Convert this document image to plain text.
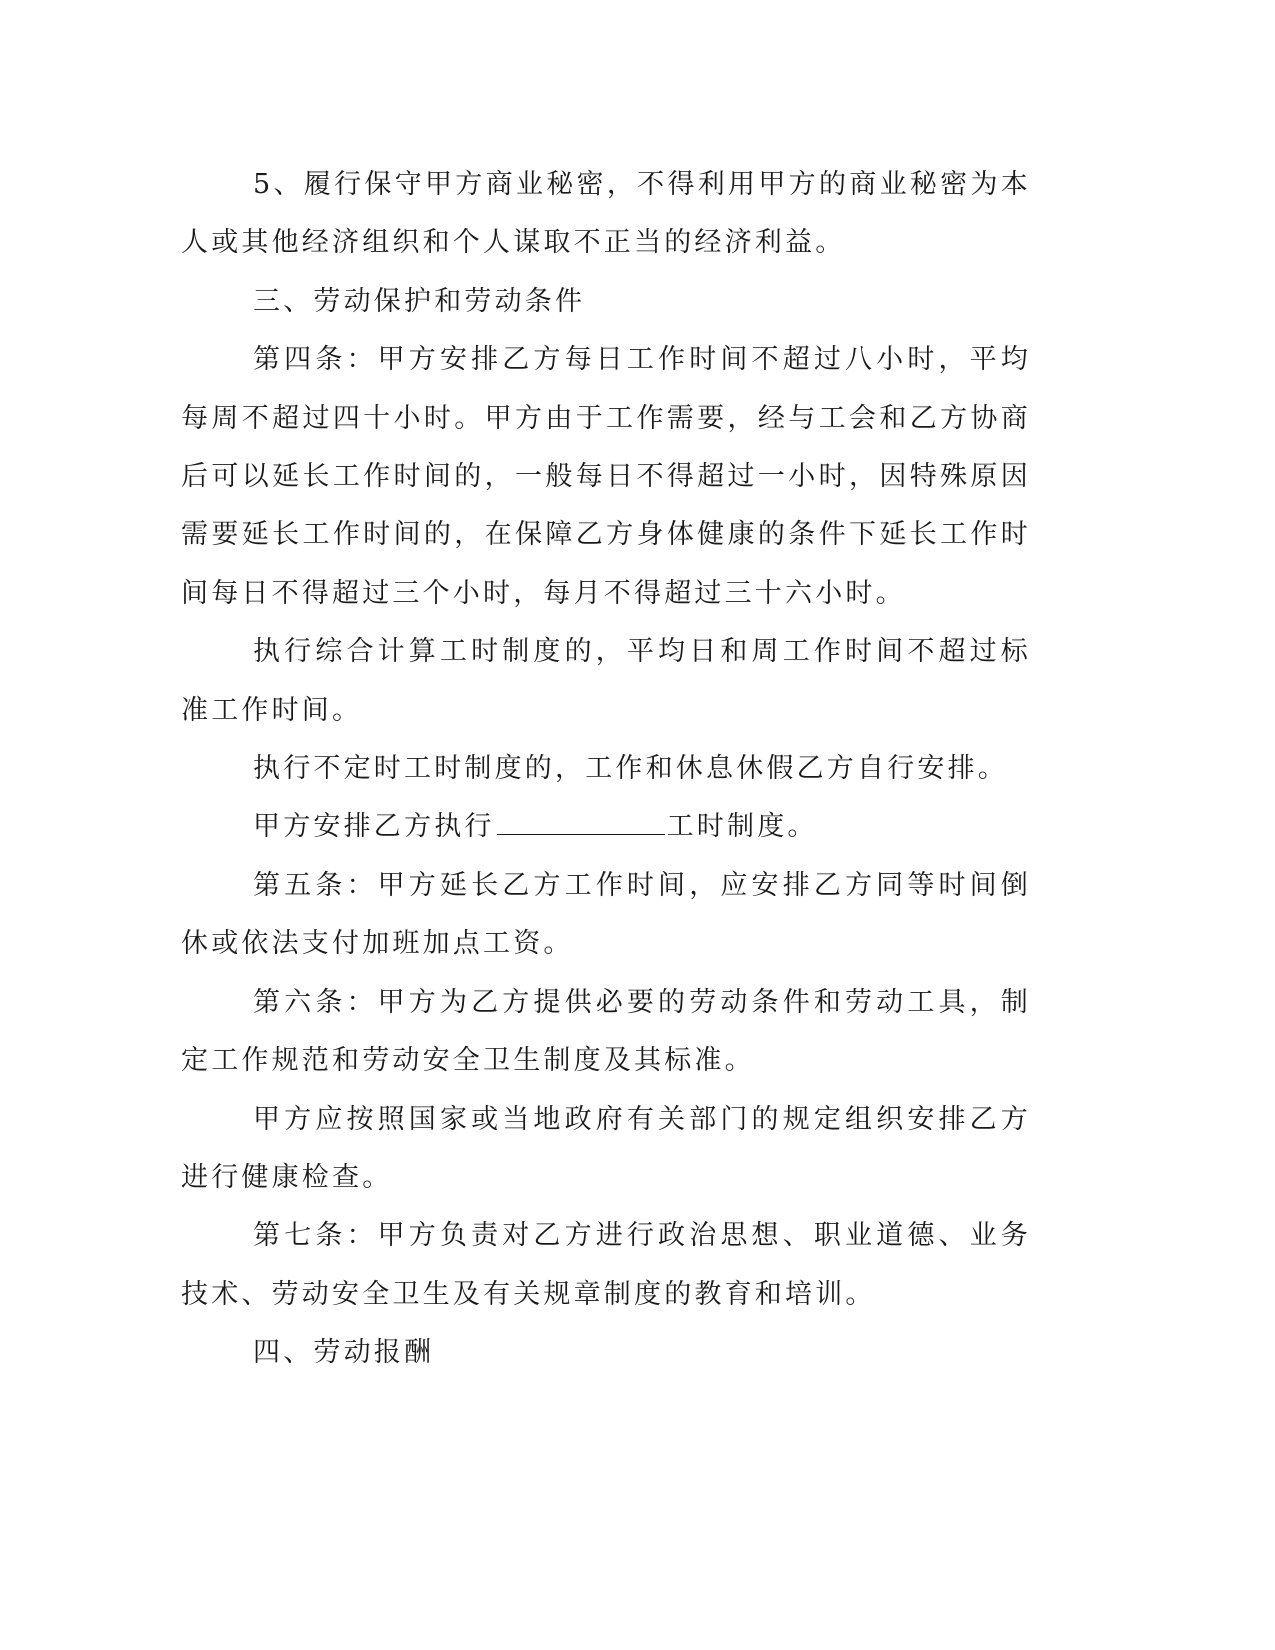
5、履行保守甲方商业秘密，不得利用甲方的商业秘密为本人或其他经济组织和个人谋取不正当的经济利益。

三、劳动保护和劳动条件

第四条：甲方安排乙方每日工作时间不超过八小时，平均每周不超过四十小时。甲方由于工作需要，经与工会和乙方协商后可以延长工作时间的，一般每日不得超过一小时，因特殊原因需要延长工作时间的，在保障乙方身体健康的条件下延长工作时间每日不得超过三个小时，每月不得超过三十六小时。

执行综合计算工时制度的，平均日和周工作时间不超过标准工作时间。

执行不定时工时制度的，工作和休息休假乙方自行安排。

甲方安排乙方执行	工时制度。

第五条：甲方延长乙方工作时间，应安排乙方同等时间倒休或依法支付加班加点工资。

第六条：甲方为乙方提供必要的劳动条件和劳动工具，制定工作规范和劳动安全卫生制度及其标准。

甲方应按照国家或当地政府有关部门的规定组织安排乙方进行健康检查。

第七条：甲方负责对乙方进行政治思想、职业道德、业务技术、劳动安全卫生及有关规章制度的教育和培训。

四、劳动报酬
